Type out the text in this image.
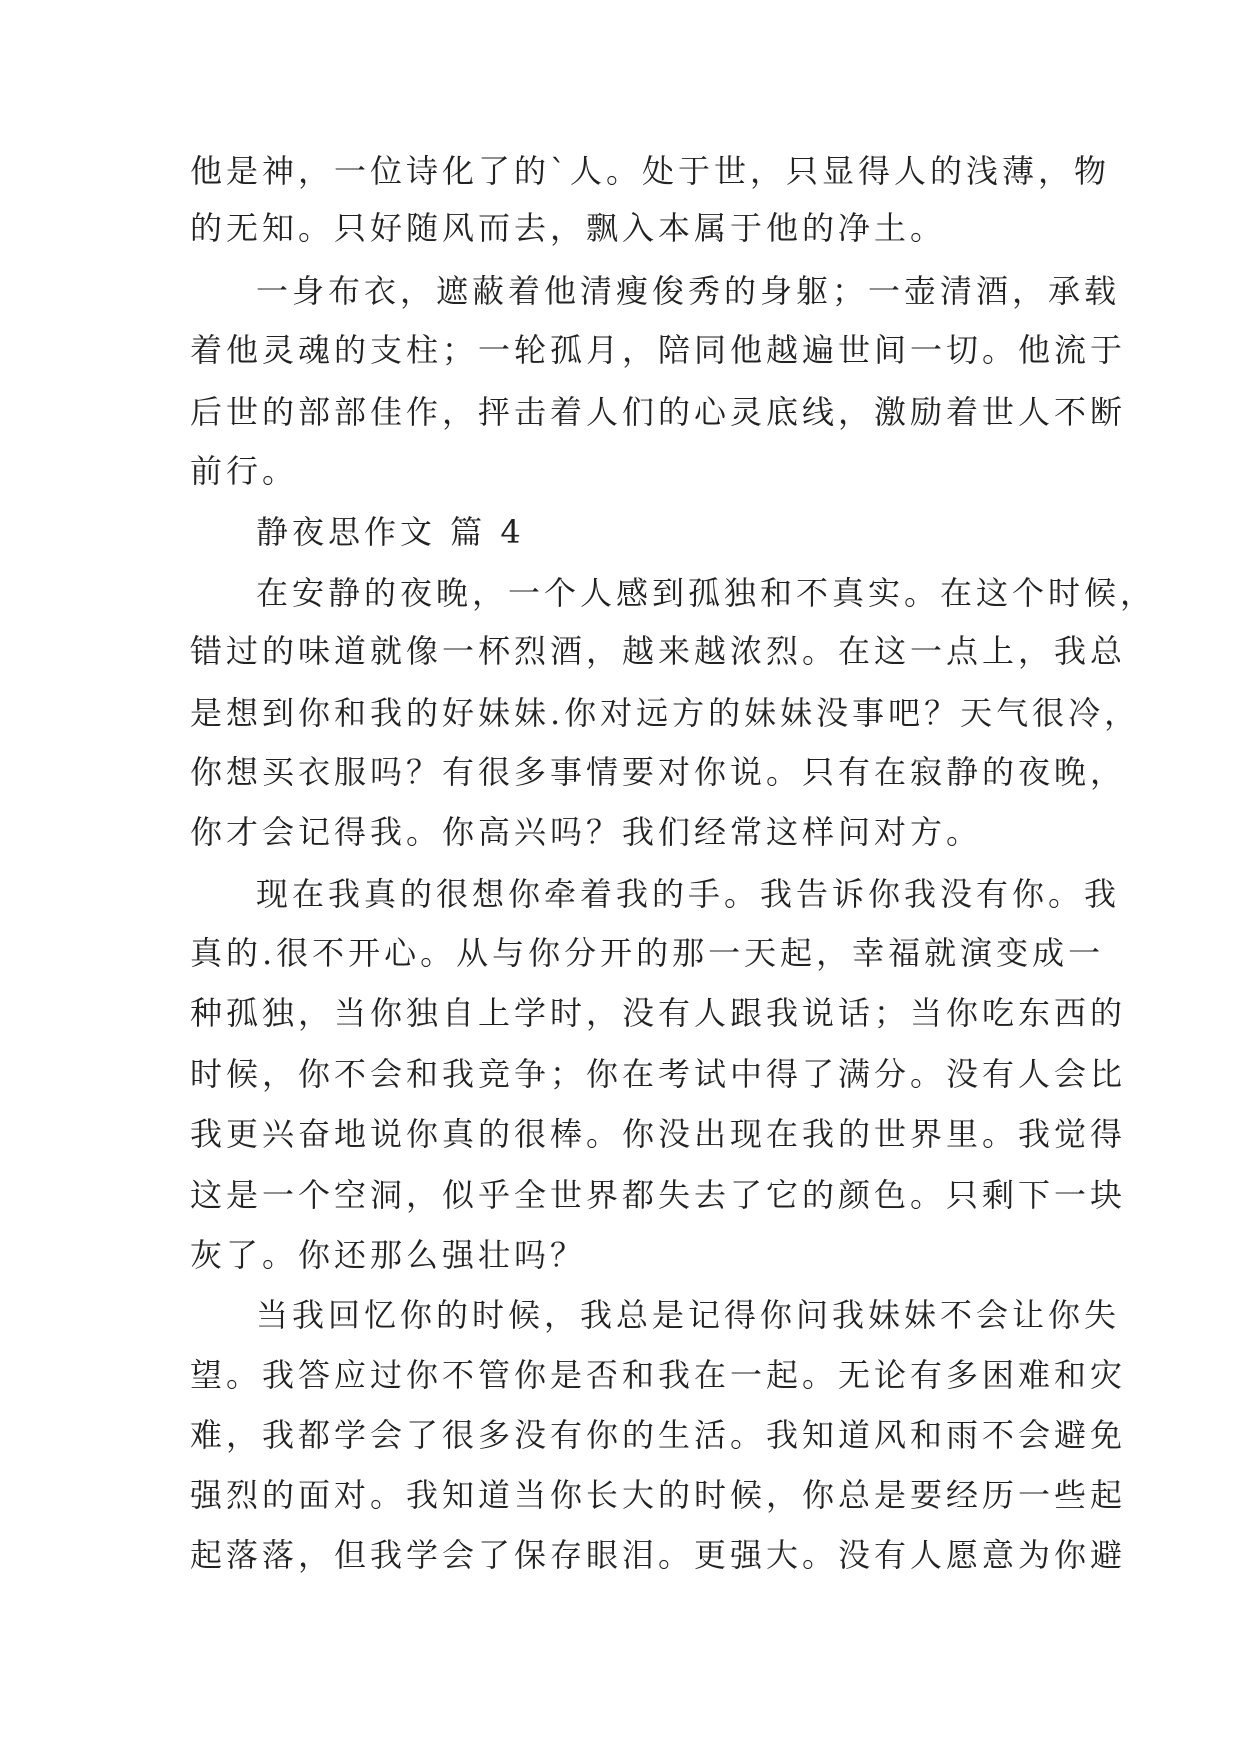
他是神，一位诗化了的`人。处于世，只显得人的浅薄，物
的无知。只好随风而去，飘入本属于他的净土。
一身布衣，遮蔽着他清瘦俊秀的身躯；一壶清酒，承载
着他灵魂的支柱；一轮孤月，陪同他越遍世间一切。他流于
后世的部部佳作，抨击着人们的心灵底线，激励着世人不断
前行。
静夜思作文 篇 4
在安静的夜晚，一个人感到孤独和不真实。在这个时候，
错过的味道就像一杯烈酒，越来越浓烈。在这一点上，我总
是想到你和我的好妹妹.你对远方的妹妹没事吧？天气很冷，
你想买衣服吗？有很多事情要对你说。只有在寂静的夜晚，
你才会记得我。你高兴吗？我们经常这样问对方。
现在我真的很想你牵着我的手。我告诉你我没有你。我
真的.很不开心。从与你分开的那一天起，幸福就演变成一
种孤独，当你独自上学时，没有人跟我说话；当你吃东西的
时候，你不会和我竞争；你在考试中得了满分。没有人会比
我更兴奋地说你真的很棒。你没出现在我的世界里。我觉得
这是一个空洞，似乎全世界都失去了它的颜色。只剩下一块
灰了。你还那么强壮吗？
当我回忆你的时候，我总是记得你问我妹妹不会让你失
望。我答应过你不管你是否和我在一起。无论有多困难和灾
难，我都学会了很多没有你的生活。我知道风和雨不会避免
强烈的面对。我知道当你长大的时候，你总是要经历一些起
起落落，但我学会了保存眼泪。更强大。没有人愿意为你避
